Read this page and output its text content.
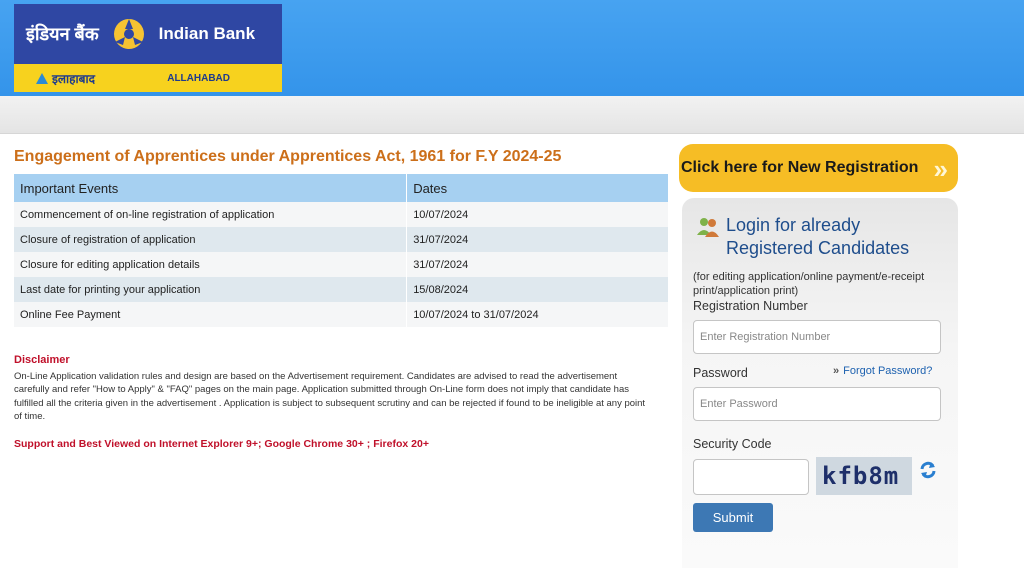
इंडियन बैंक	Indian Bank
इलाहाबाद	ALLAHABAD
Engagement of Apprentices under Apprentices Act, 1961 for F.Y 2024-25
Important Events	Dates
Commencement of on-line registration of application	10/07/2024
Closure of registration of application	31/07/2024
Closure for editing application details	31/07/2024
Last date for printing your application	15/08/2024
Online Fee Payment	10/07/2024 to 31/07/2024
Disclaimer
On-Line Application validation rules and design are based on the Advertisement requirement. Candidates are advised to read the advertisement carefully and refer "How to Apply" & "FAQ" pages on the main page. Application submitted through On-Line form does not imply that candidate has fulfilled all the criteria given in the advertisement . Application is subject to subsequent scrutiny and can be rejected if found to be ineligible at any point of time.
Support and Best Viewed on Internet Explorer 9+; Google Chrome 30+ ; Firefox 20+
Click here for New Registration »
Login for already
Registered Candidates
(for editing application/online payment/e-receipt print/application print)
Registration Number
Enter Registration Number
Password	» Forgot Password?
Security Code
kfb8m
Submit
